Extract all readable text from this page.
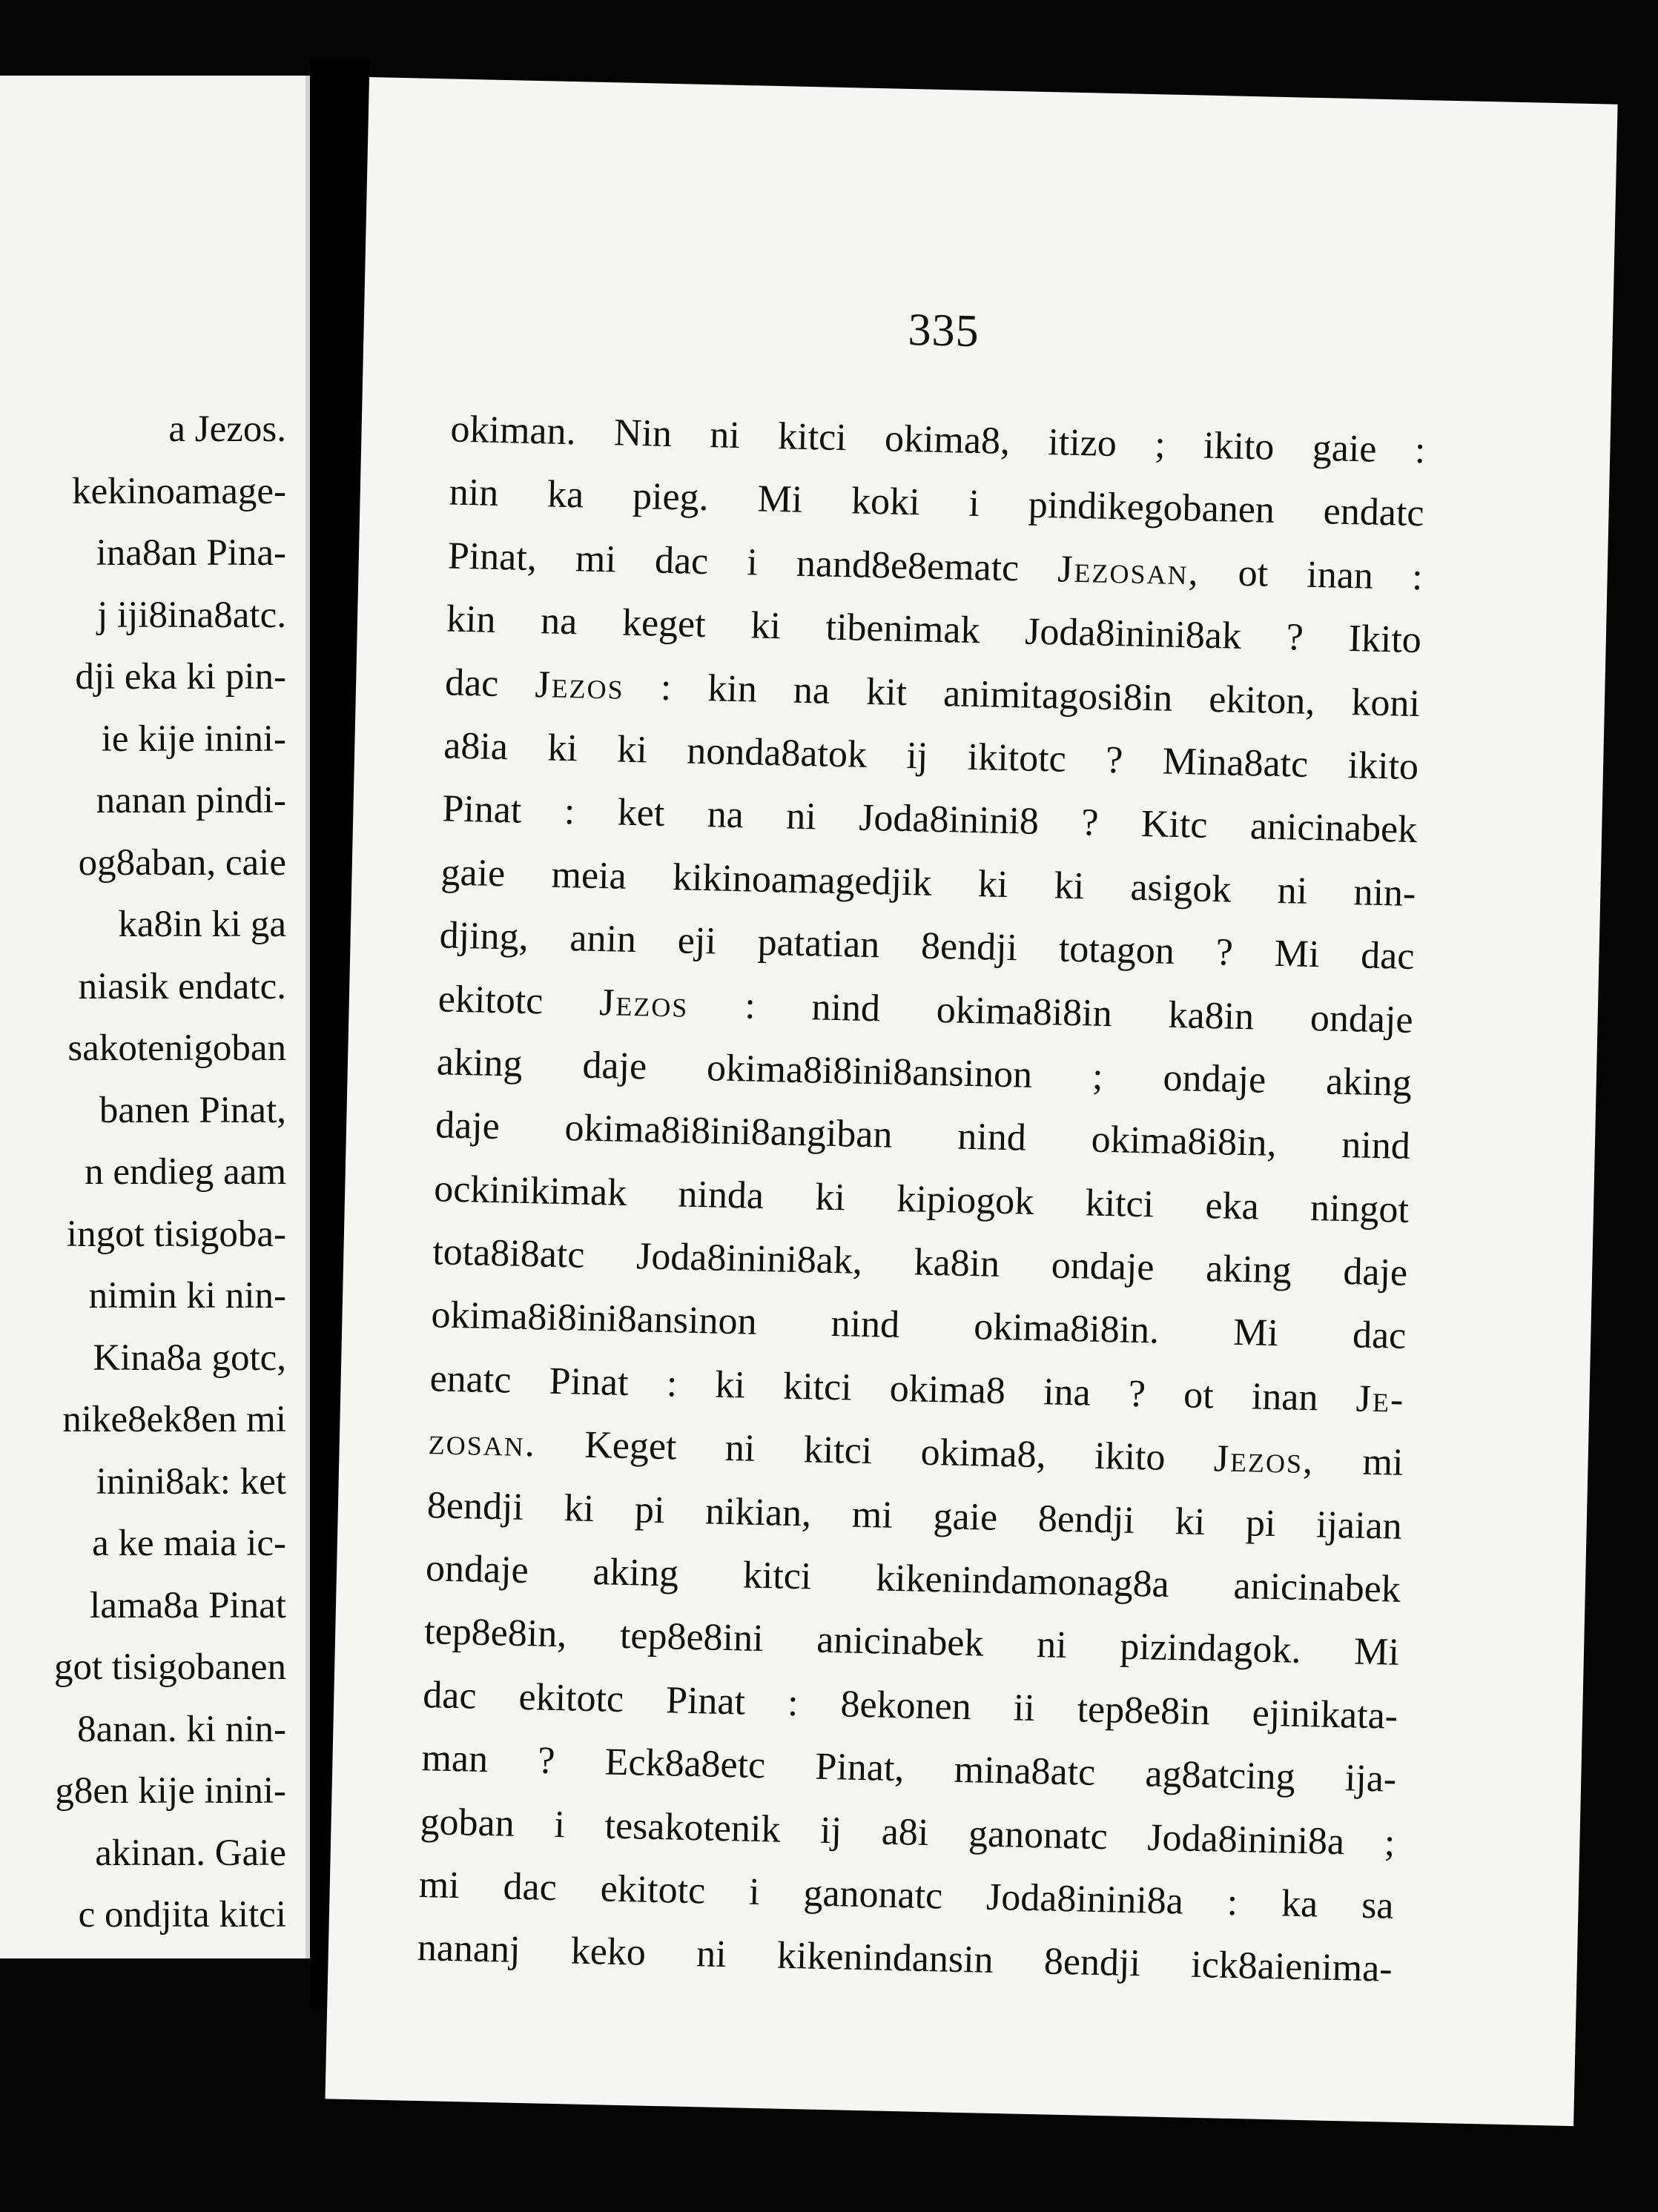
a Jezos.
kekinoamage-
ina8an Pina-
j iji8ina8atc.
dji eka ki pin-
ie kije inini-
nanan pindi-
og8aban, caie
ka8in ki ga
niasik endatc.
sakotenigoban
banen Pinat,
n endieg aam
ingot tisigoba-
nimin ki nin-
Kina8a gotc,
nike8ek8en mi
inini8ak: ket
a ke maia ic-
lama8a Pinat
got tisigobanen
8anan. ki nin-
g8en kije inini-
akinan. Gaie
c ondjita kitci
335
okiman. Nin ni kitci okima8, itizo ; ikito gaie :
nin ka pieg. Mi koki i pindikegobanen endatc
Pinat, mi dac i nand8e8ematc Jezosan, ot inan :
kin na keget ki tibenimak Joda8inini8ak ? Ikito
dac Jezos : kin na kit animitagosi8in ekiton, koni
a8ia ki ki nonda8atok ij ikitotc ? Mina8atc ikito
Pinat : ket na ni Joda8inini8 ? Kitc anicinabek
gaie meia kikinoamagedjik ki ki asigok ni nin-
djing, anin eji patatian 8endji totagon ? Mi dac
ekitotc Jezos : nind okima8i8in ka8in ondaje
aking daje okima8i8ini8ansinon ; ondaje aking
daje okima8i8ini8angiban nind okima8i8in, nind
ockinikimak ninda ki kipiogok kitci eka ningot
tota8i8atc Joda8inini8ak, ka8in ondaje aking daje
okima8i8ini8ansinon nind okima8i8in. Mi dac
enatc Pinat : ki kitci okima8 ina ? ot inan Je-
zosan. Keget ni kitci okima8, ikito Jezos, mi
8endji ki pi nikian, mi gaie 8endji ki pi ijaian
ondaje aking kitci kikenindamonag8a anicinabek
tep8e8in, tep8e8ini anicinabek ni pizindagok. Mi
dac ekitotc Pinat : 8ekonen ii tep8e8in ejinikata-
man ? Eck8a8etc Pinat, mina8atc ag8atcing ija-
goban i tesakotenik ij a8i ganonatc Joda8inini8a ;
mi dac ekitotc i ganonatc Joda8inini8a : ka sa
nananj keko ni kikenindansin 8endji ick8aienima-
